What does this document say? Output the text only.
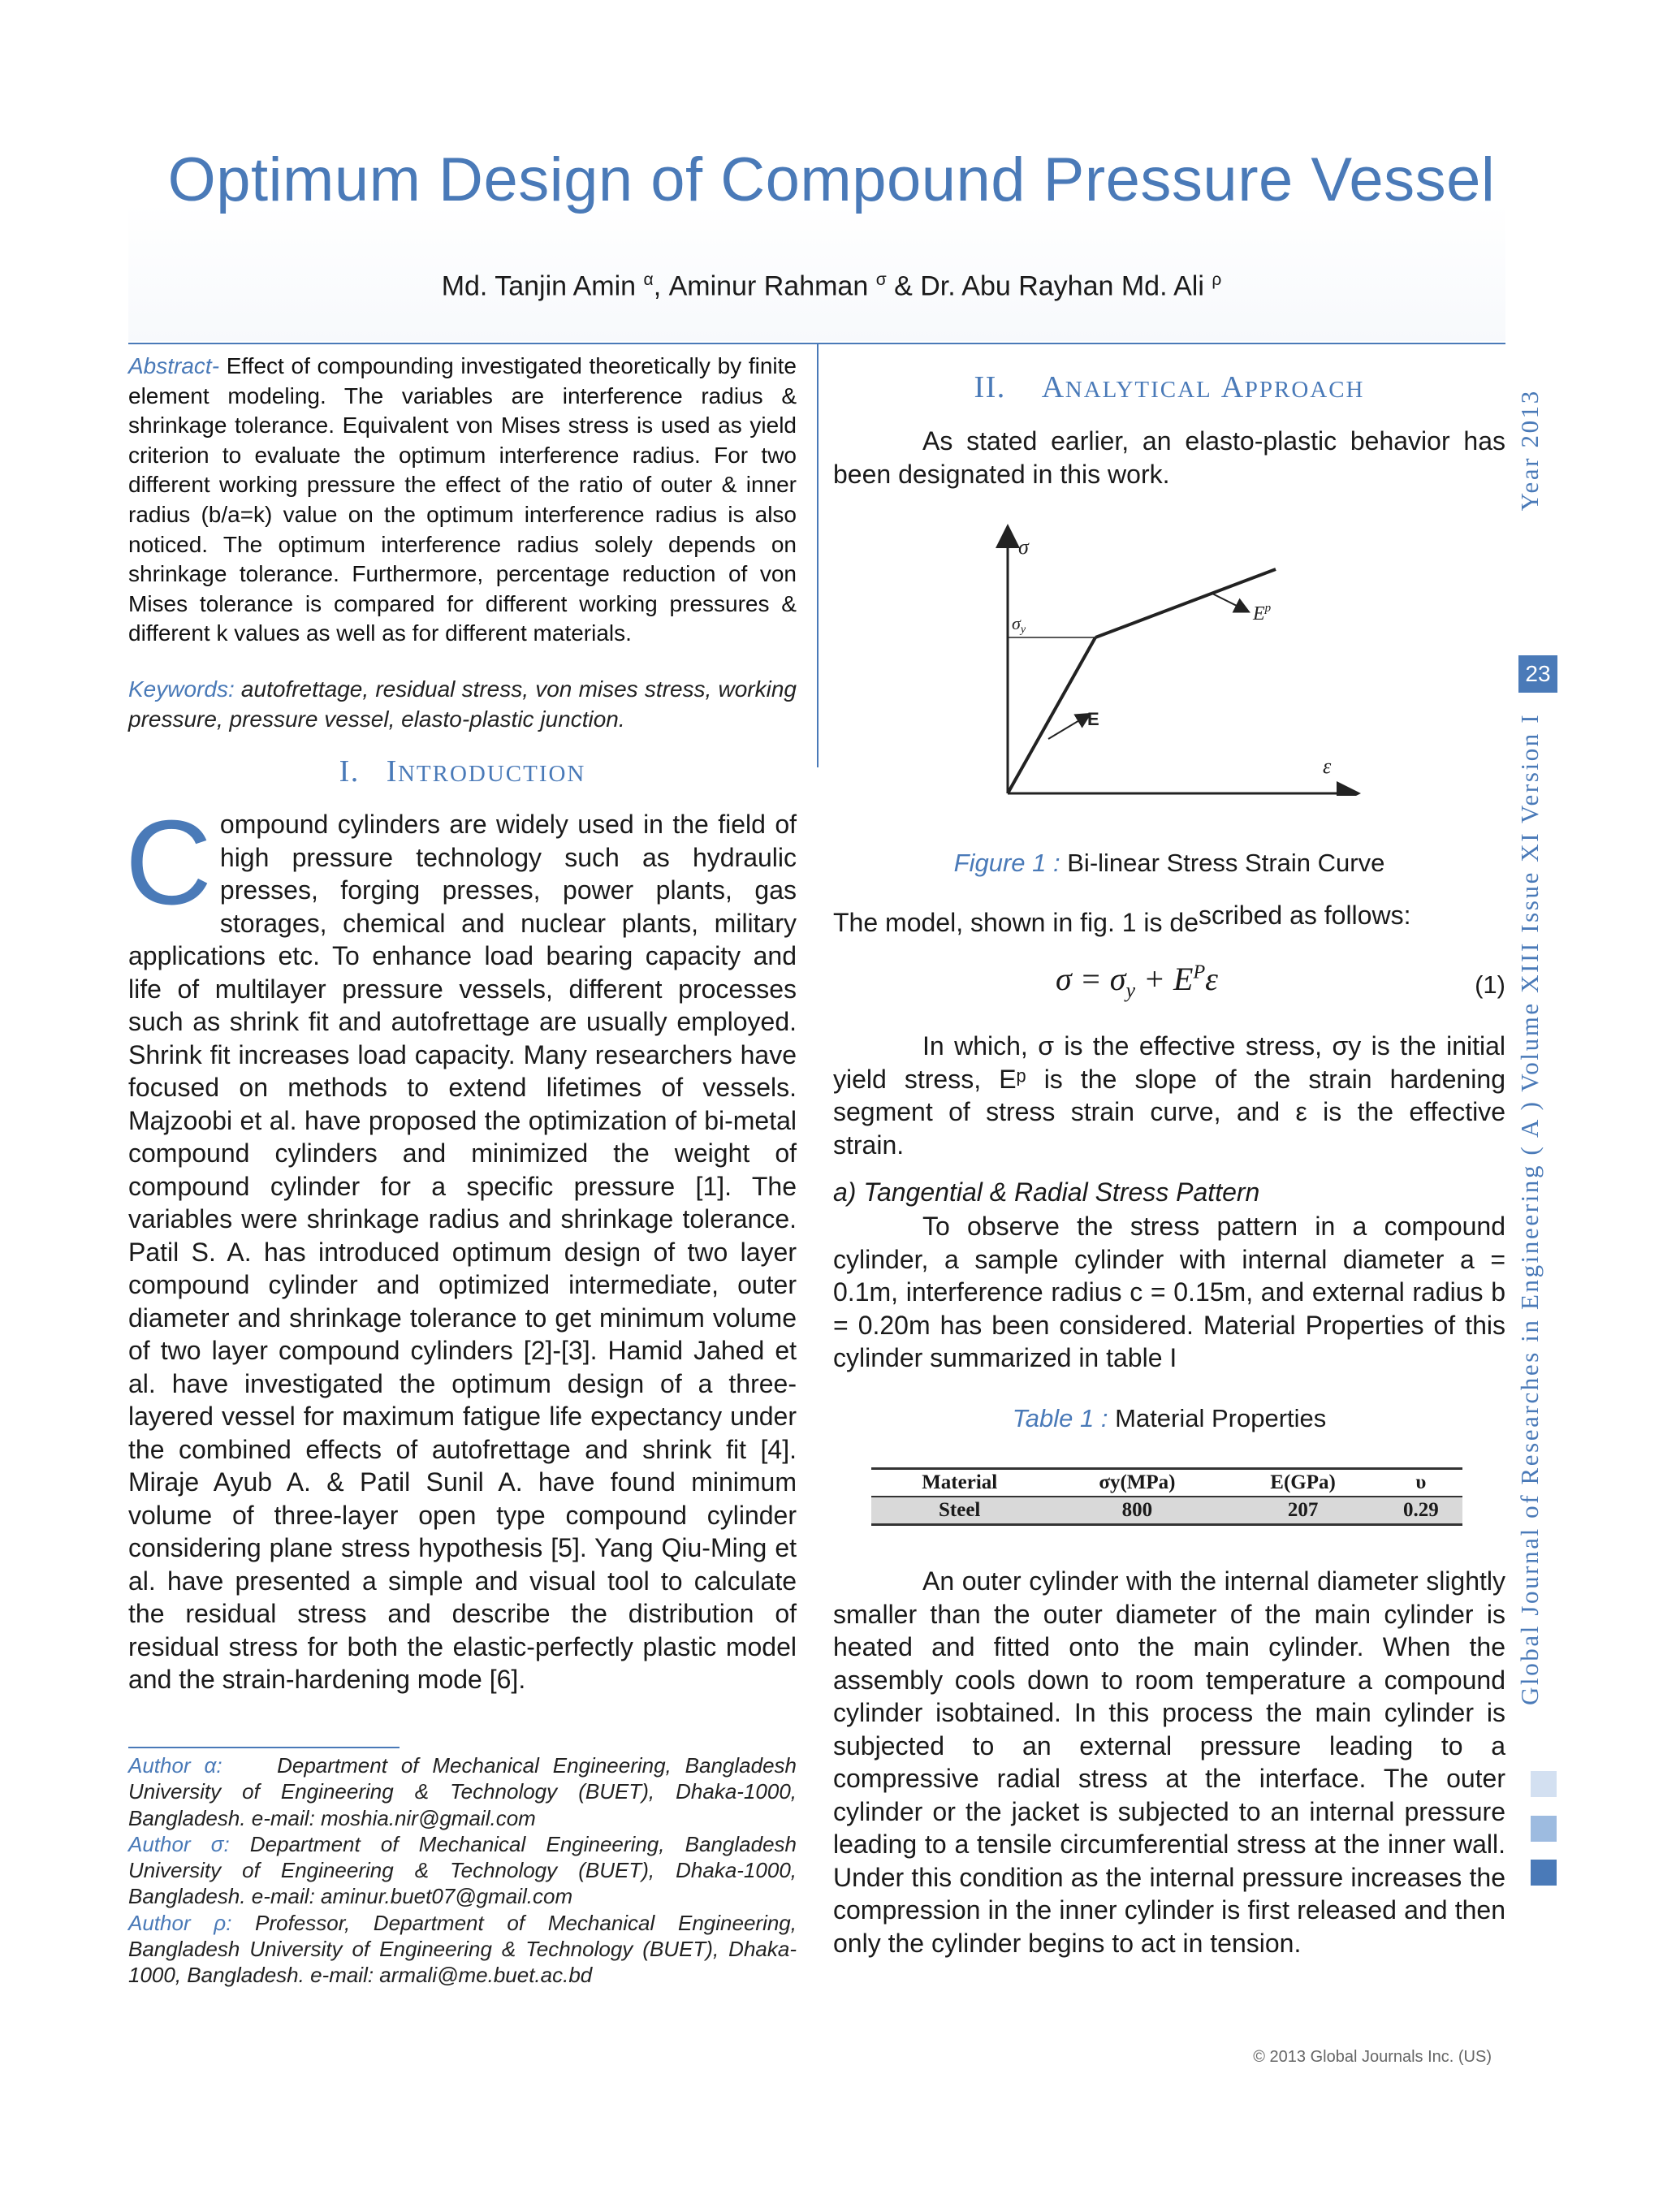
Optimum Design of Compound Pressure Vessel
Md. Tanjin Amin $^\alpha$, Aminur Rahman $^\sigma$ & Dr. Abu Rayhan Md. Ali $^\rho$
Abstract- Effect of compounding investigated theoretically by finite element modeling. The variables are interference radius & shrinkage tolerance. Equivalent von Mises stress is used as yield criterion to evaluate the optimum interference radius. For two different working pressure the effect of the ratio of outer & inner radius (b/a=k) value on the optimum interference radius is also noticed. The optimum interference radius solely depends on shrinkage tolerance. Furthermore, percentage reduction of von Mises tolerance is compared for different working pressures & different k values as well as for different materials.
Keywords: autofrettage, residual stress, von mises stress, working pressure, pressure vessel, elasto-plastic junction.
I. INTRODUCTION
Compound cylinders are widely used in the field of high pressure technology such as hydraulic presses, forging presses, power plants, gas storages, chemical and nuclear plants, military applications etc. To enhance load bearing capacity and life of multilayer pressure vessels, different processes such as shrink fit and autofrettage are usually employed. Shrink fit increases load capacity. Many researchers have focused on methods to extend lifetimes of vessels. Majzoobi et al. have proposed the optimization of bi-metal compound cylinders and minimized the weight of compound cylinder for a specific pressure [1]. The variables were shrinkage radius and shrinkage tolerance. Patil S. A. has introduced optimum design of two layer compound cylinder and optimized intermediate, outer diameter and shrinkage tolerance to get minimum volume of two layer compound cylinders [2]-[3]. Hamid Jahed et al. have investigated the optimum design of a three-layered vessel for maximum fatigue life expectancy under the combined effects of autofrettage and shrink fit [4]. Miraje Ayub A. & Patil Sunil A. have found minimum volume of three-layer open type compound cylinder considering plane stress hypothesis [5]. Yang Qiu-Ming et al. have presented a simple and visual tool to calculate the residual stress and describe the distribution of residual stress for both the elastic-perfectly plastic model and the strain-hardening mode [6].

Author α:	Department of Mechanical Engineering, Bangladesh University of Engineering & Technology (BUET), Dhaka-1000, Bangladesh. e-mail: moshia.nir@gmail.com

Author σ: Department of Mechanical Engineering, Bangladesh University of Engineering & Technology (BUET), Dhaka-1000, Bangladesh. e-mail: aminur.buet07@gmail.com

Author ρ: Professor, Department of Mechanical Engineering, Bangladesh University of Engineering & Technology (BUET), Dhaka-1000, Bangladesh. e-mail: armali@me.buet.ac.bd

II. ANALYTICAL APPROACH
As stated earlier, an elasto-plastic behavior has been designated in this work.
σ
σy
$E^p$
E
ε
Figure 1 : Bi-linear Stress Strain Curve
The model, shown in fig. 1 is described as follows:
$\sigma = \sigma_y + E^P\varepsilon$	(1)
In which, σ is the effective stress, σy is the initial yield stress, Eᵖ is the slope of the strain hardening segment of stress strain curve, and ε is the effective strain.
a) Tangential & Radial Stress Pattern
To observe the stress pattern in a compound cylinder, a sample cylinder with internal diameter a = 0.1m, interference radius c = 0.15m, and external radius b = 0.20m has been considered. Material Properties of this cylinder summarized in table I
Table 1 : Material Properties
Material	σy(MPa)	E(GPa)	υ
Steel	800	207	0.29
An outer cylinder with the internal diameter slightly smaller than the outer diameter of the main cylinder is heated and fitted onto the main cylinder. When the assembly cools down to room temperature a compound cylinder isobtained. In this process the main cylinder is subjected to an external pressure leading to a compressive radial stress at the interface. The outer cylinder or the jacket is subjected to an internal pressure leading to a tensile circumferential stress at the inner wall. Under this condition as the internal pressure increases the compression in the inner cylinder is first released and then only the cylinder begins to act in tension.
Global Journal of Researches in Engineering ( A ) Volume XIII Issue XI Version I                        Year 2013
23
© 2013 Global Journals Inc. (US)
